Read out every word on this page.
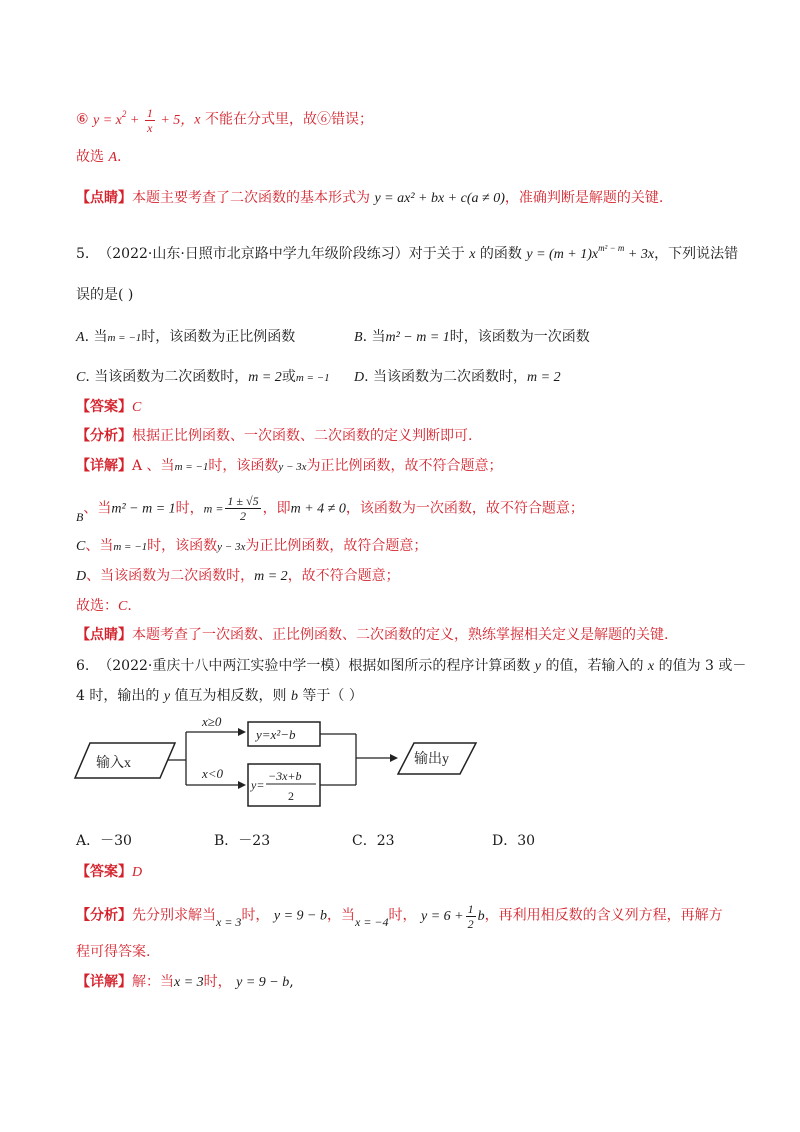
⑥ $y = x^2 + \frac{1}{x} + 5$，x 不能在分式里，故⑥错误；
故选 A.
【点睛】本题主要考查了二次函数的基本形式为 y = ax² + bx + c(a ≠ 0)，准确判断是解题的关键.
5. （2022·山东·日照市北京路中学九年级阶段练习）对于关于 x 的函数 $y = (m + 1)x^{m^2 - m} + 3x$，下列说法错
误的是( )
A. 当m = −1时，该函数为正比例函数	B. 当m² − m = 1时，该函数为一次函数
C. 当该函数为二次函数时，m = 2或m = −1 D. 当该函数为二次函数时，m = 2
【答案】C
【分析】根据正比例函数、一次函数、二次函数的定义判断即可.
【详解】A 、当m = −1时，该函数y − 3x为正比例函数，故不符合题意；
B、当m² − m = 1时，$m = \frac{1 \pm √5}{2}$ ，即m + 4 ≠ 0，该函数为一次函数，故不符合题意；
C、当m = −1时，该函数y − 3x为正比例函数，故符合题意；
D、当该函数为二次函数时，m = 2，故不符合题意；
故选：C.
【点睛】本题考查了一次函数、正比例函数、二次函数的定义，熟练掌握相关定义是解题的关键.
6. （2022·重庆十八中两江实验中学一模）根据如图所示的程序计算函数 y 的值，若输入的 x 的值为 3 或－
4 时，输出的 y 值互为相反数，则 b 等于（ ）
输入x
x≥0
x<0
y=x²−b
y=
−3x+b
2
输出y
A．－30	B．－23	C．23	D．30
【答案】D
【分析】先分别求解当x = 3时， y = 9 − b，当x = −4时， $y = 6 + \frac{1}{2}$ b，再利用相反数的含义列方程，再解方
程可得答案.
【详解】解：当x = 3时， y = 9 − b,
